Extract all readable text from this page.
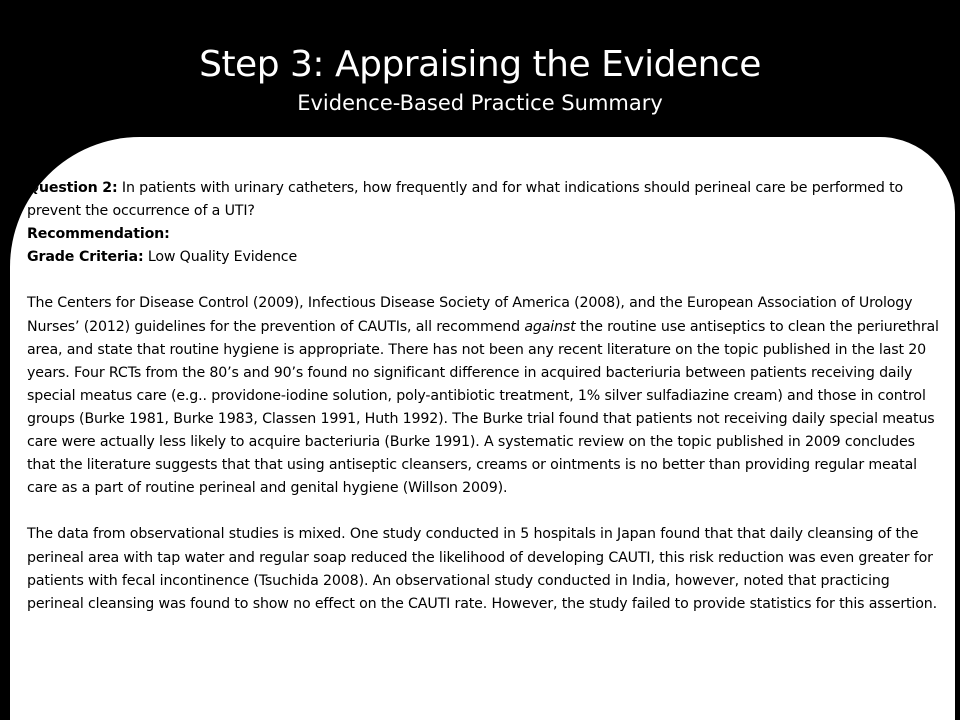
Step 3: Appraising the Evidence
Evidence-Based Practice Summary

Question 2: In patients with urinary catheters, how frequently and for what indications should perineal care be performed to prevent the occurrence of a UTI?

Recommendation:

Grade Criteria: Low Quality Evidence

The Centers for Disease Control (2009), Infectious Disease Society of America (2008), and the European Association of Urology Nurses’ (2012) guidelines for the prevention of CAUTIs, all recommend against the routine use antiseptics to clean the periurethral area, and state that routine hygiene is appropriate. There has not been any recent literature on the topic published in the last 20 years. Four RCTs from the 80’s and 90’s found no significant difference in acquired bacteriuria between patients receiving daily special meatus care (e.g.. providone-iodine solution, poly-antibiotic treatment, 1% silver sulfadiazine cream) and those in control groups (Burke 1981, Burke 1983, Classen 1991, Huth 1992). The Burke trial found that patients not receiving daily special meatus care were actually less likely to acquire bacteriuria (Burke 1991). A systematic review on the topic published in 2009 concludes that the literature suggests that that using antiseptic cleansers, creams or ointments is no better than providing regular meatal care as a part of routine perineal and genital hygiene (Willson 2009).

The data from observational studies is mixed. One study conducted in 5 hospitals in Japan found that that daily cleansing of the perineal area with tap water and regular soap reduced the likelihood of developing CAUTI, this risk reduction was even greater for patients with fecal incontinence (Tsuchida 2008). An observational study conducted in India, however, noted that practicing perineal cleansing was found to show no effect on the CAUTI rate. However, the study failed to provide statistics for this assertion.
